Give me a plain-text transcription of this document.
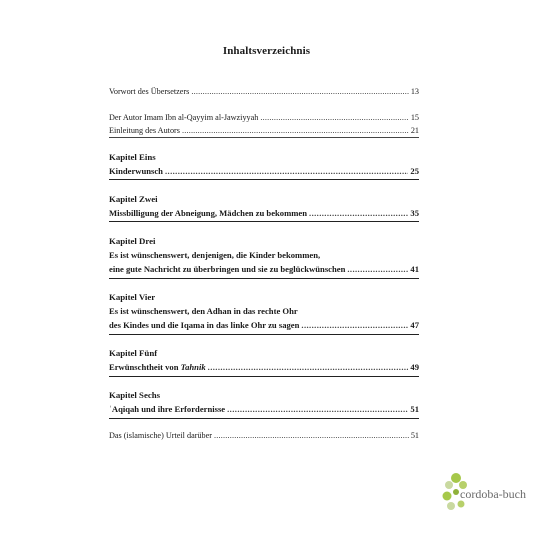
Inhaltsverzeichnis
Vorwort des Übersetzers .....	13
Der Autor Imam Ibn al-Qayyim al-Jawziyyah .....	15
Einleitung des Autors .....	21
Kapitel Eins
Kinderwunsch .....	25
Kapitel Zwei
Missbilligung der Abneigung, Mädchen zu bekommen .....	35
Kapitel Drei
Es ist wünschenswert, denjenigen, die Kinder bekommen,
eine gute Nachricht zu überbringen und sie zu beglückwünschen .....	41
Kapitel Vier
Es ist wünschenswert, den Adhan in das rechte Ohr
des Kindes und die Iqama in das linke Ohr zu sagen .....	47
Kapitel Fünf
Erwünschtheit von Tahnik .....	49
Kapitel Sechs
ʿAqiqah und ihre Erfordernisse .....	51
Das (islamische) Urteil darüber .....	51
cordoba-buch
